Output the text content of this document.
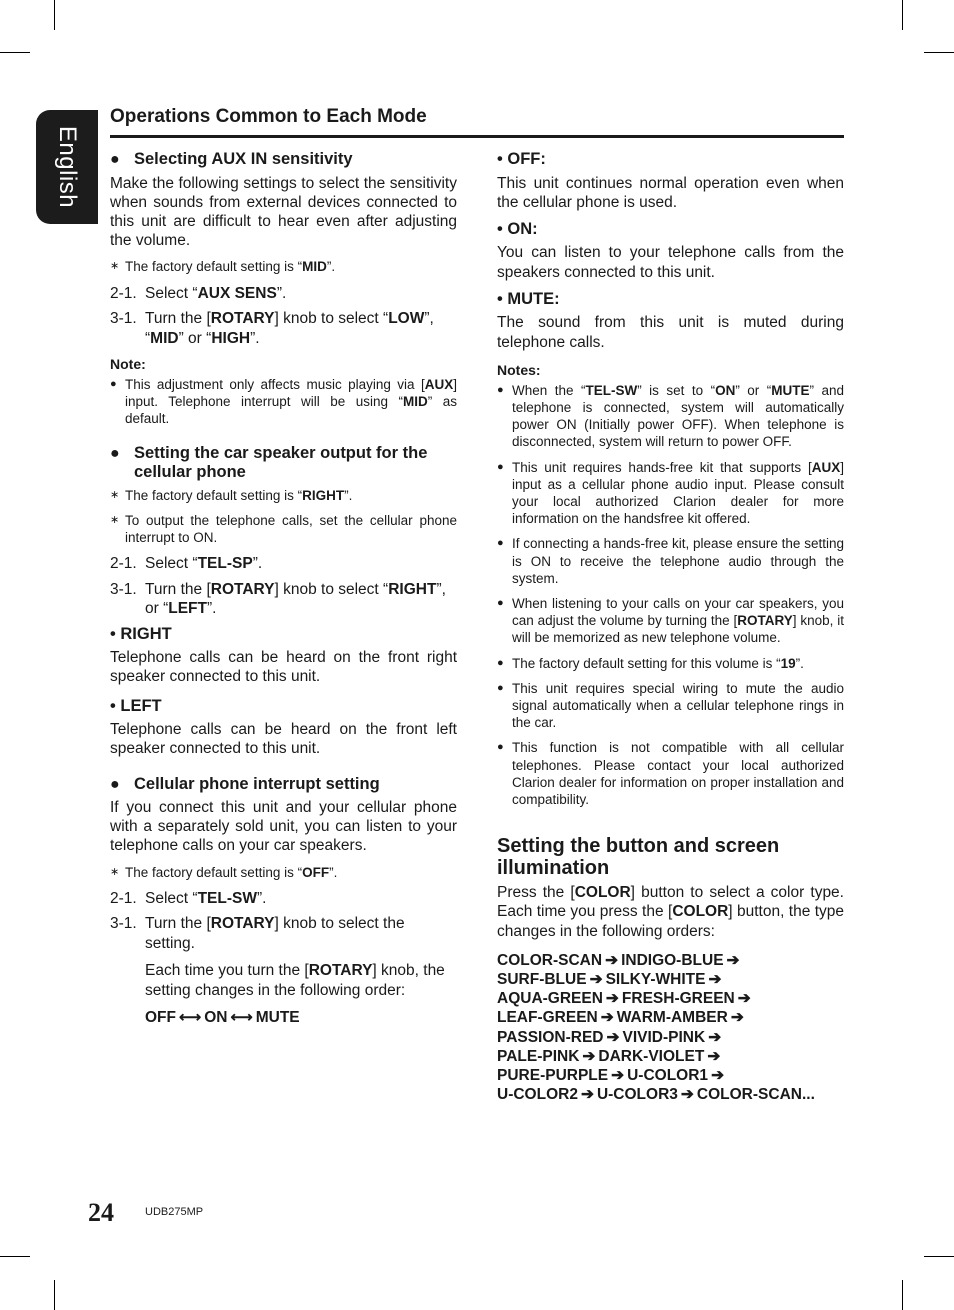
English
Operations Common to Each Mode

● Selecting AUX IN sensitivity

Make the following settings to select the sensitivity when sounds from external devices connected to this unit are difficult to hear even after adjusting the volume.

∗ The factory default setting is “MID”.

2-1. Select “AUX SENS”.

3-1. Turn the [ROTARY] knob to select “LOW”, “MID” or “HIGH”.

Note:

● This adjustment only affects music playing via [AUX] input. Telephone interrupt will be using “MID” as default.

● Setting the car speaker output for the cellular phone

∗ The factory default setting is “RIGHT”.

∗ To output the telephone calls, set the cellular phone interrupt to ON.

2-1. Select “TEL-SP”.

3-1. Turn the [ROTARY] knob to select “RIGHT”, or “LEFT”.

• RIGHT

Telephone calls can be heard on the front right speaker connected to this unit.

• LEFT

Telephone calls can be heard on the front left speaker connected to this unit.

● Cellular phone interrupt setting

If you connect this unit and your cellular phone with a separately sold unit, you can listen to your telephone calls on your car speakers.

∗ The factory default setting is “OFF”.

2-1. Select “TEL-SW”.

3-1. Turn the [ROTARY] knob to select the setting.

Each time you turn the [ROTARY] knob, the setting changes in the following order:

OFF ⟷ ON ⟷ MUTE

• OFF:

This unit continues normal operation even when the cellular phone is used.

• ON:

You can listen to your telephone calls from the speakers connected to this unit.

• MUTE:

The sound from this unit is muted during telephone calls.

Notes:

● When the “TEL-SW” is set to “ON” or “MUTE” and telephone is connected, system will automatically power ON (Initially power OFF). When telephone is disconnected, system will return to power OFF.

● This unit requires hands-free kit that supports [AUX] input as a cellular phone audio input. Please consult your local authorized Clarion dealer for more information on the handsfree kit offered.

● If connecting a hands-free kit, please ensure the setting is ON to receive the telephone audio through the system.

● When listening to your calls on your car speakers, you can adjust the volume by turning the [ROTARY] knob, it will be memorized as new telephone volume.

● The factory default setting for this volume is “19”.

● This unit requires special wiring to mute the audio signal automatically when a cellular telephone rings in the car.

● This function is not compatible with all cellular telephones. Please contact your local authorized Clarion dealer for information on proper installation and compatibility.

Setting the button and screen illumination

Press the [COLOR] button to select a color type. Each time you press the [COLOR] button, the type changes in the following orders:

COLOR-SCAN ➔ INDIGO-BLUE ➔

SURF-BLUE ➔ SILKY-WHITE ➔

AQUA-GREEN ➔ FRESH-GREEN ➔

LEAF-GREEN ➔ WARM-AMBER ➔

PASSION-RED ➔ VIVID-PINK ➔

PALE-PINK ➔ DARK-VIOLET ➔

PURE-PURPLE ➔ U-COLOR1 ➔

U-COLOR2 ➔ U-COLOR3 ➔ COLOR-SCAN...

24	UDB275MP
